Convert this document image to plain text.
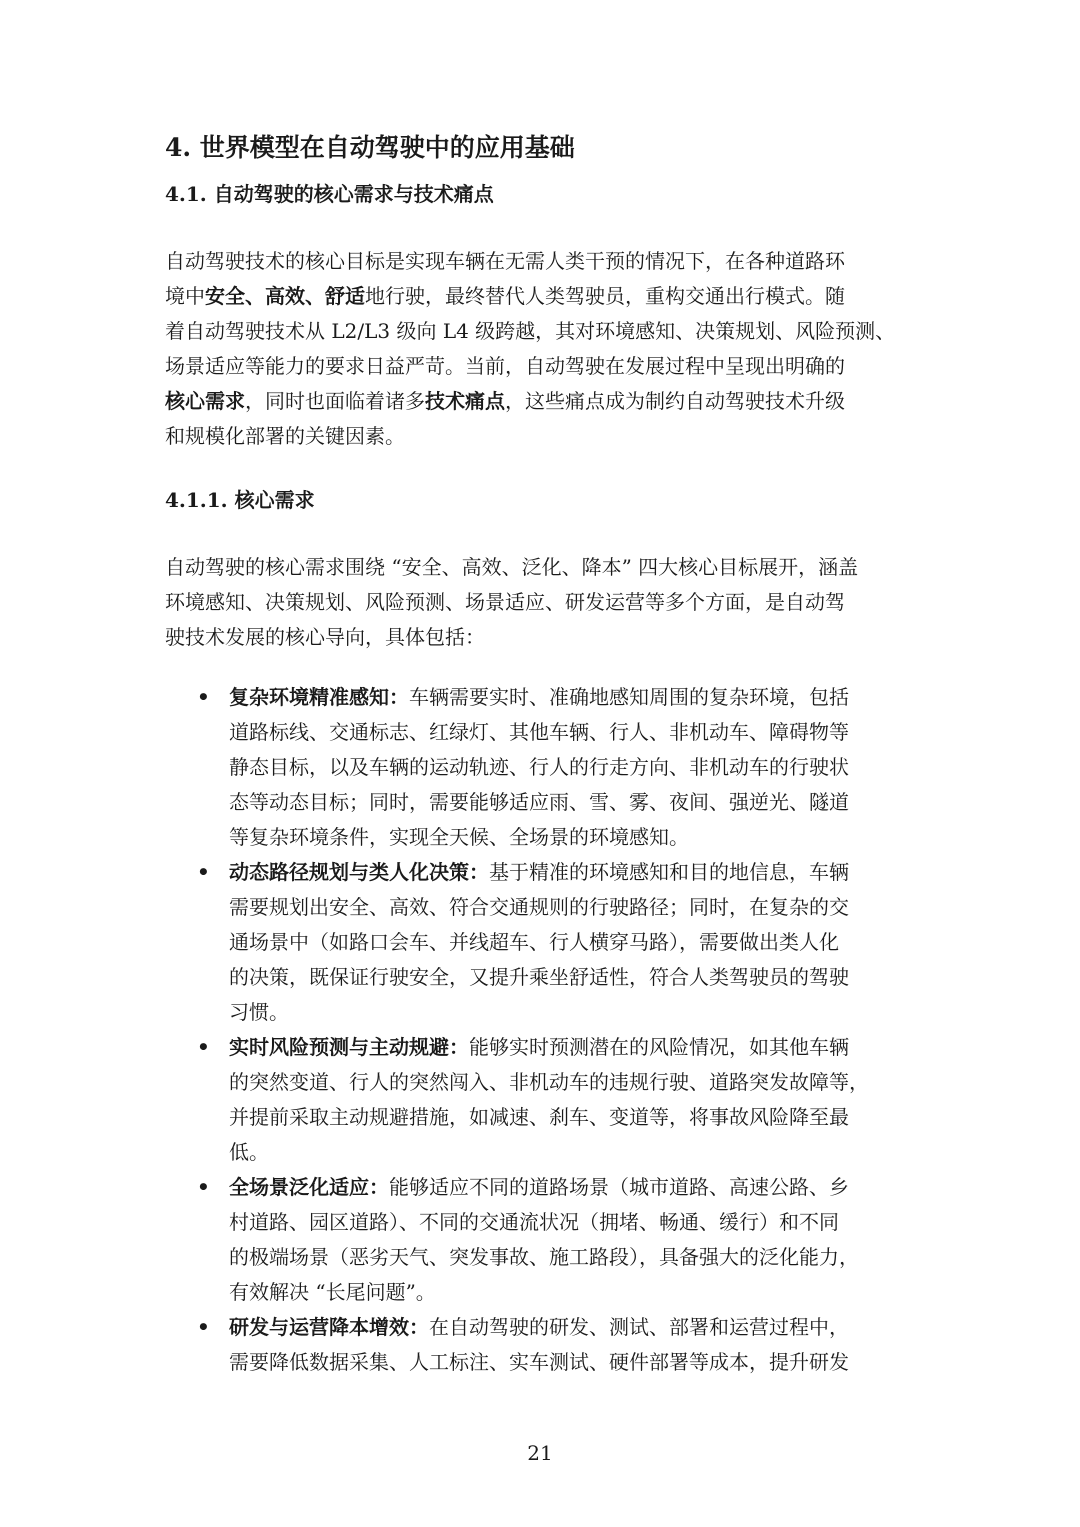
4. 世界模型在自动驾驶中的应用基础
4.1. 自动驾驶的核心需求与技术痛点
自动驾驶技术的核心目标是实现车辆在无需人类干预的情况下，在各种道路环
境中安全、高效、舒适地行驶，最终替代人类驾驶员，重构交通出行模式。随
着自动驾驶技术从 L2/L3 级向 L4 级跨越，其对环境感知、决策规划、风险预测、
场景适应等能力的要求日益严苛。当前，自动驾驶在发展过程中呈现出明确的
核心需求，同时也面临着诸多技术痛点，这些痛点成为制约自动驾驶技术升级
和规模化部署的关键因素。
4.1.1. 核心需求
自动驾驶的核心需求围绕 “安全、高效、泛化、降本” 四大核心目标展开，涵盖
环境感知、决策规划、风险预测、场景适应、研发运营等多个方面，是自动驾
驶技术发展的核心导向，具体包括：
• 复杂环境精准感知：车辆需要实时、准确地感知周围的复杂环境，包括
道路标线、交通标志、红绿灯、其他车辆、行人、非机动车、障碍物等
静态目标，以及车辆的运动轨迹、行人的行走方向、非机动车的行驶状
态等动态目标；同时，需要能够适应雨、雪、雾、夜间、强逆光、隧道
等复杂环境条件，实现全天候、全场景的环境感知。
• 动态路径规划与类人化决策：基于精准的环境感知和目的地信息，车辆
需要规划出安全、高效、符合交通规则的行驶路径；同时，在复杂的交
通场景中（如路口会车、并线超车、行人横穿马路），需要做出类人化
的决策，既保证行驶安全，又提升乘坐舒适性，符合人类驾驶员的驾驶
习惯。
• 实时风险预测与主动规避：能够实时预测潜在的风险情况，如其他车辆
的突然变道、行人的突然闯入、非机动车的违规行驶、道路突发故障等，
并提前采取主动规避措施，如减速、刹车、变道等，将事故风险降至最
低。
• 全场景泛化适应：能够适应不同的道路场景（城市道路、高速公路、乡
村道路、园区道路）、不同的交通流状况（拥堵、畅通、缓行）和不同
的极端场景（恶劣天气、突发事故、施工路段），具备强大的泛化能力，
有效解决 “长尾问题”。
• 研发与运营降本增效：在自动驾驶的研发、测试、部署和运营过程中，
需要降低数据采集、人工标注、实车测试、硬件部署等成本，提升研发
21
